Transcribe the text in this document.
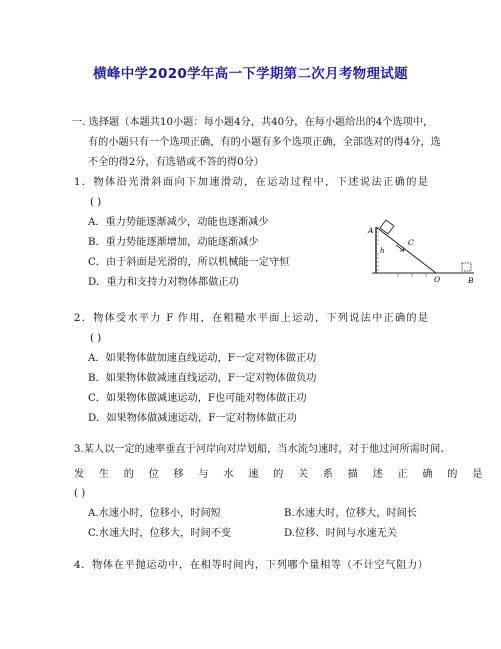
横峰中学2020学年高一下学期第二次月考物理试题
一. 选择题（本题共10小题：每小题4分，共40分，在每小题给出的4个选项中，
有的小题只有一个选项正确，有的小题有多个选项正确，全部选对的得4分，选
不全的得2分，有选错或不答的得0分）
1．物体沿光滑斜面向下加速滑动，在运动过程中，下述说法正确的是
( )
A．重力势能逐渐减少，动能也逐渐减少
B．重力势能逐渐增加，动能逐渐减少
C．由于斜面是光滑的，所以机械能一定守恒
D．重力和支持力对物体都做正功
A
C
h
O	B
2．物体受水平力 F 作用，在粗糙水平面上运动，下列说法中正确的是
( )
A．如果物体做加速直线运动，F一定对物体做正功
B．如果物体做减速直线运动，F一定对物体做负功
C．如果物体做减速运动，F也可能对物体做正功
D．如果物体做减速运动，F一定对物体做正功
3.某人以一定的速率垂直于河岸向对岸划船，当水流匀速时，对于他过河所需时间、
发生的位移与水速的关系描述正确的是
( )
A.水速小时，位移小，时间短	B.水速大时，位移大，时间长
C.水速大时，位移大，时间不变	D.位移、时间与水速无关
4．物体在平抛运动中，在相等时间内，下列哪个量相等（不计空气阻力）
